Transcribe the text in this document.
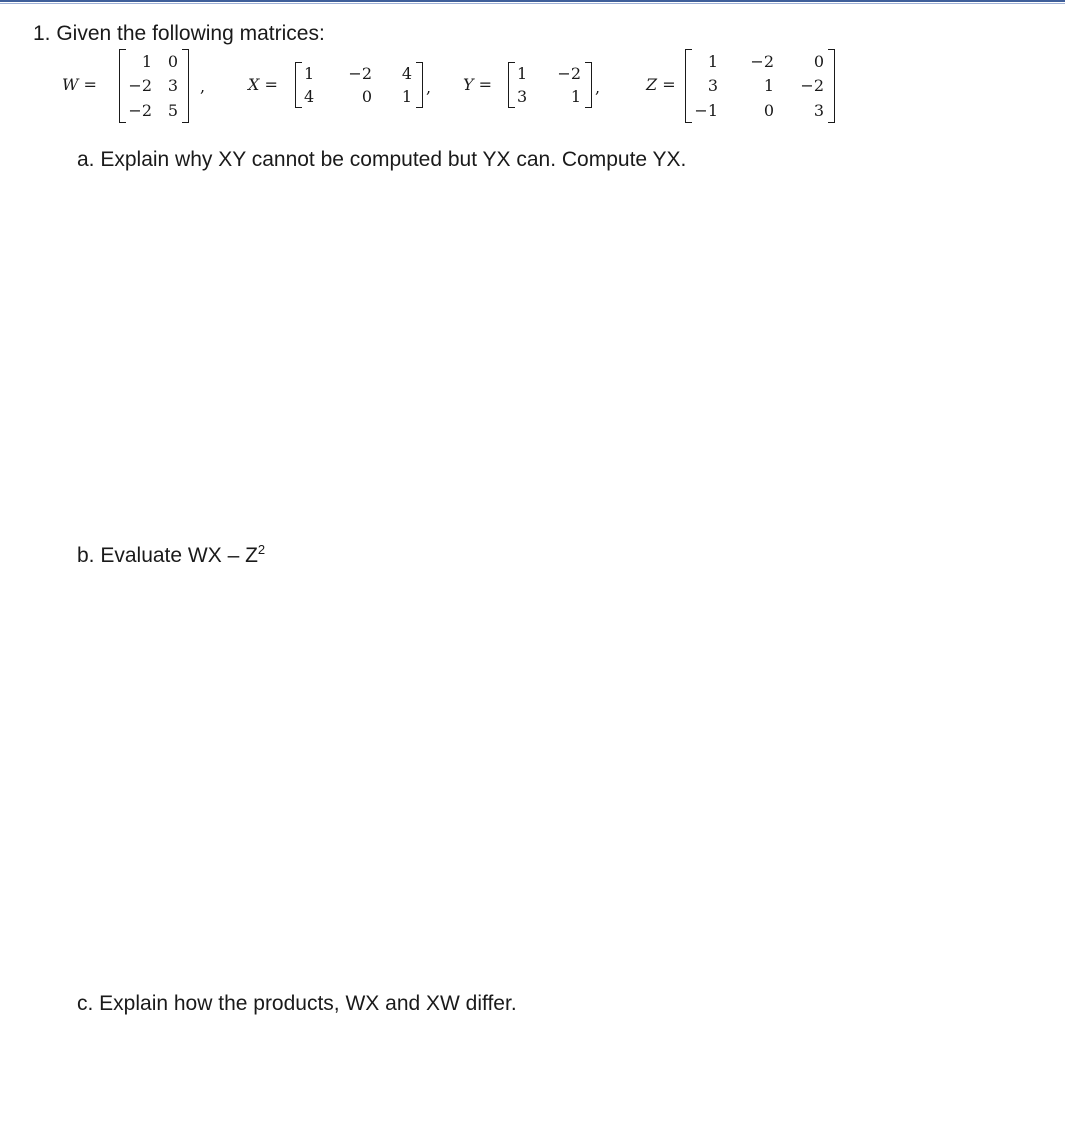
1. Given the following matrices:
W =
1 0
−2 3
−2 5
,	X =
1	−2	4
4	0	1 , Y =
1	−2
3	1 ,	Z =
1	−2	0
3	1	−2
−1	0	3
a. Explain why XY cannot be computed but YX can. Compute YX.
b. Evaluate WX – $Z^2$
c. Explain how the products, WX and XW differ.
